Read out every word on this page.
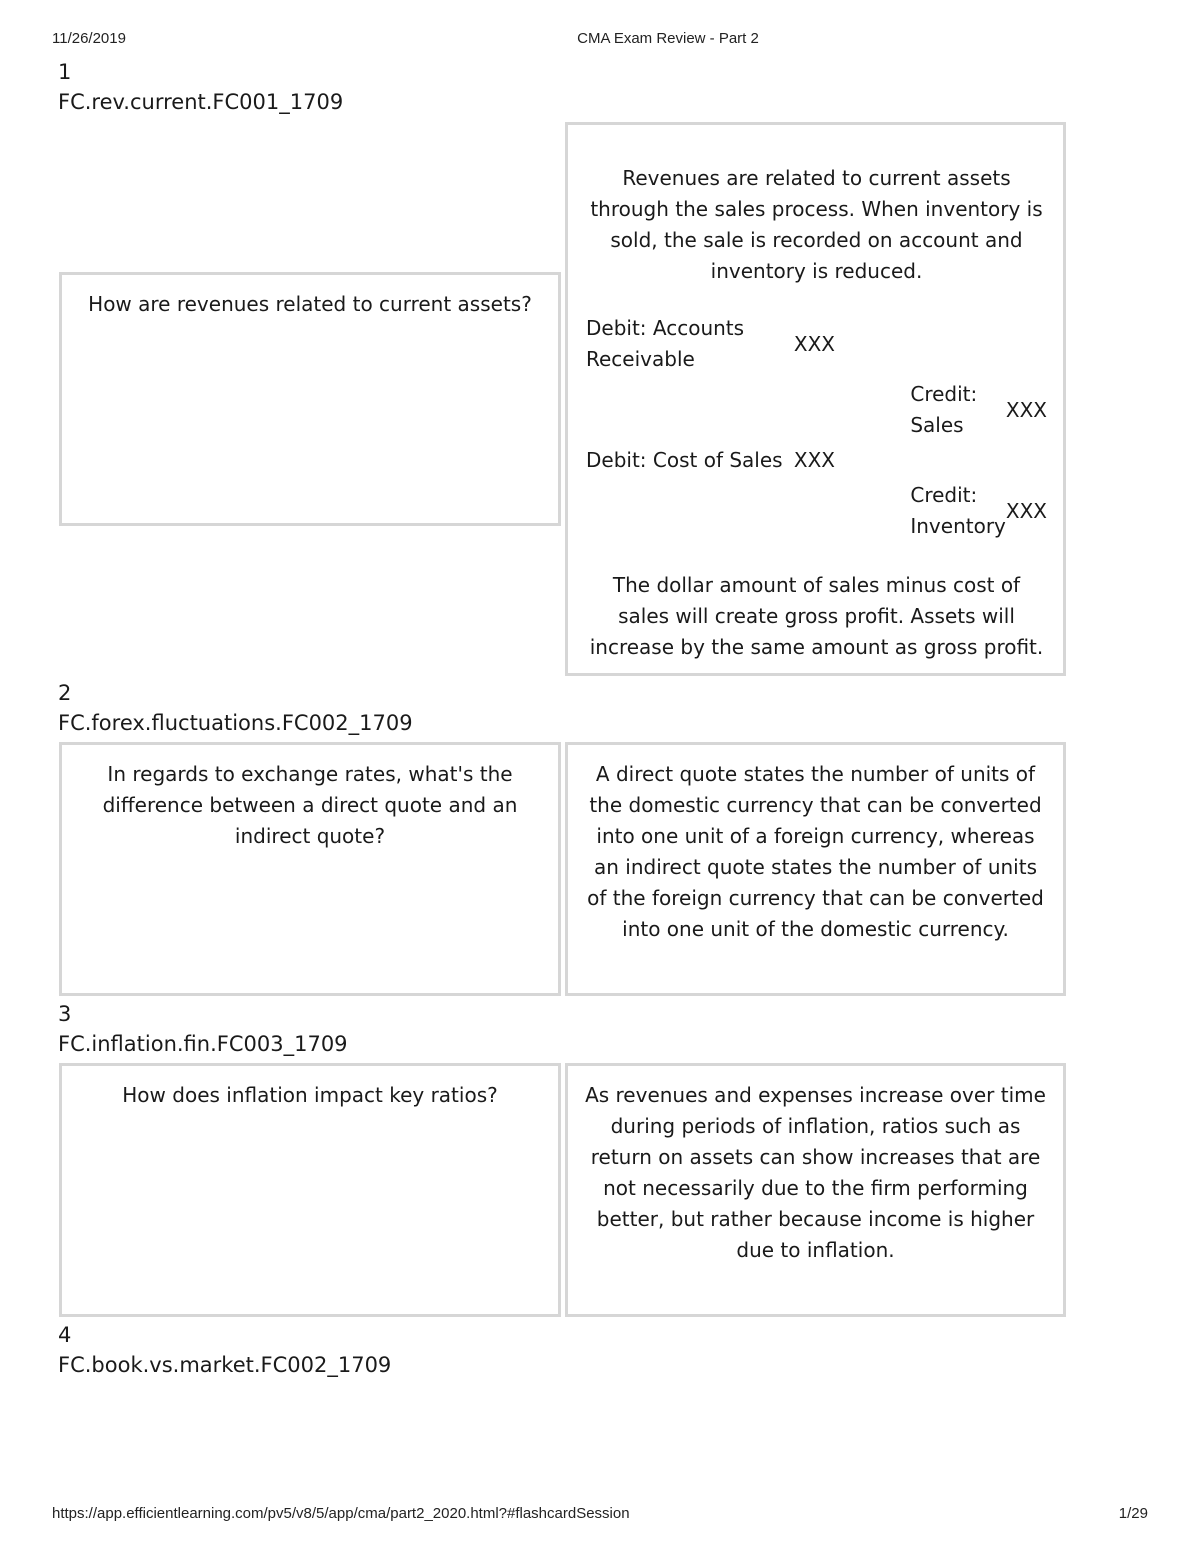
11/26/2019	CMA Exam Review - Part 2
1
FC.rev.current.FC001_1709
How are revenues related to current assets?
Revenues are related to current assets through the sales process. When inventory is sold, the sale is recorded on account and inventory is reduced.
Debit: Accounts Receivable	XXX		
		Credit: Sales	XXX
Debit: Cost of Sales	XXX		
		Credit: Inventory	XXX
The dollar amount of sales minus cost of sales will create gross profit. Assets will increase by the same amount as gross profit.
2
FC.forex.fluctuations.FC002_1709
In regards to exchange rates, what's the difference between a direct quote and an indirect quote?
A direct quote states the number of units of the domestic currency that can be converted into one unit of a foreign currency, whereas an indirect quote states the number of units of the foreign currency that can be converted into one unit of the domestic currency.
3
FC.inflation.fin.FC003_1709
How does inflation impact key ratios?	As revenues and expenses increase over time during periods of inflation, ratios such as return on assets can show increases that are not necessarily due to the firm performing better, but rather because income is higher due to inflation.
4
FC.book.vs.market.FC002_1709
https://app.efficientlearning.com/pv5/v8/5/app/cma/part2_2020.html?#flashcardSession	1/29
